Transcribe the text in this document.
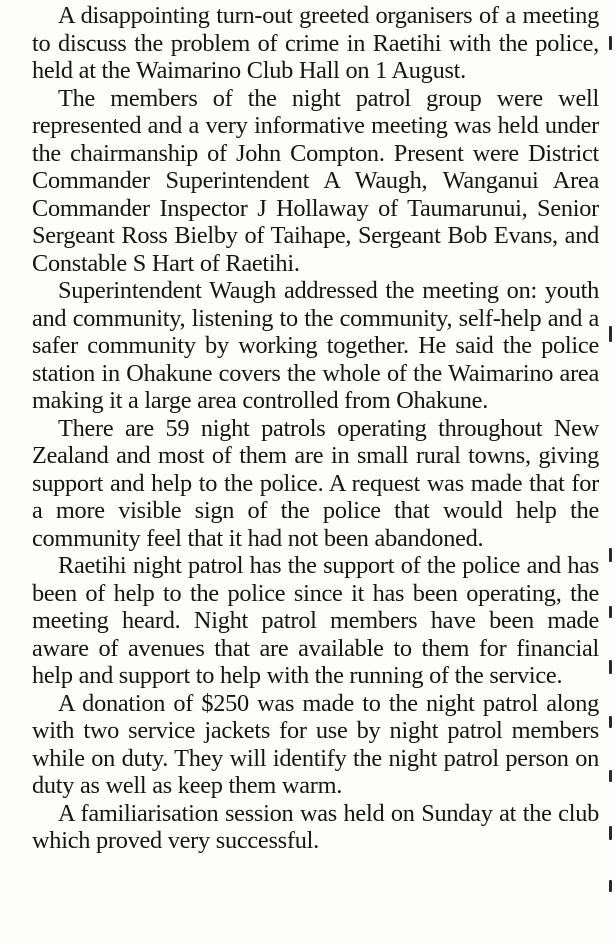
A disappointing turn-out greeted organisers of a meeting to discuss the problem of crime in Raetihi with the police, held at the Waimarino Club Hall on 1 August.

The members of the night patrol group were well represented and a very informative meeting was held under the chairmanship of John Compton. Present were District Commander Superintendent A Waugh, Wanganui Area Commander Inspector J Hollaway of Taumarunui, Senior Sergeant Ross Bielby of Taihape, Sergeant Bob Evans, and Constable S Hart of Raetihi.

Superintendent Waugh addressed the meeting on: youth and community, listening to the community, self-help and a safer community by working together. He said the police station in Ohakune covers the whole of the Waimarino area making it a large area controlled from Ohakune.

There are 59 night patrols operating throughout New Zealand and most of them are in small rural towns, giving support and help to the police. A request was made that for a more visible sign of the police that would help the community feel that it had not been abandoned.

Raetihi night patrol has the support of the police and has been of help to the police since it has been operating, the meeting heard. Night patrol members have been made aware of avenues that are available to them for financial help and support to help with the running of the service.

A donation of $250 was made to the night patrol along with two service jackets for use by night patrol members while on duty. They will identify the night patrol person on duty as well as keep them warm.

A familiarisation session was held on Sunday at the club which proved very successful.
